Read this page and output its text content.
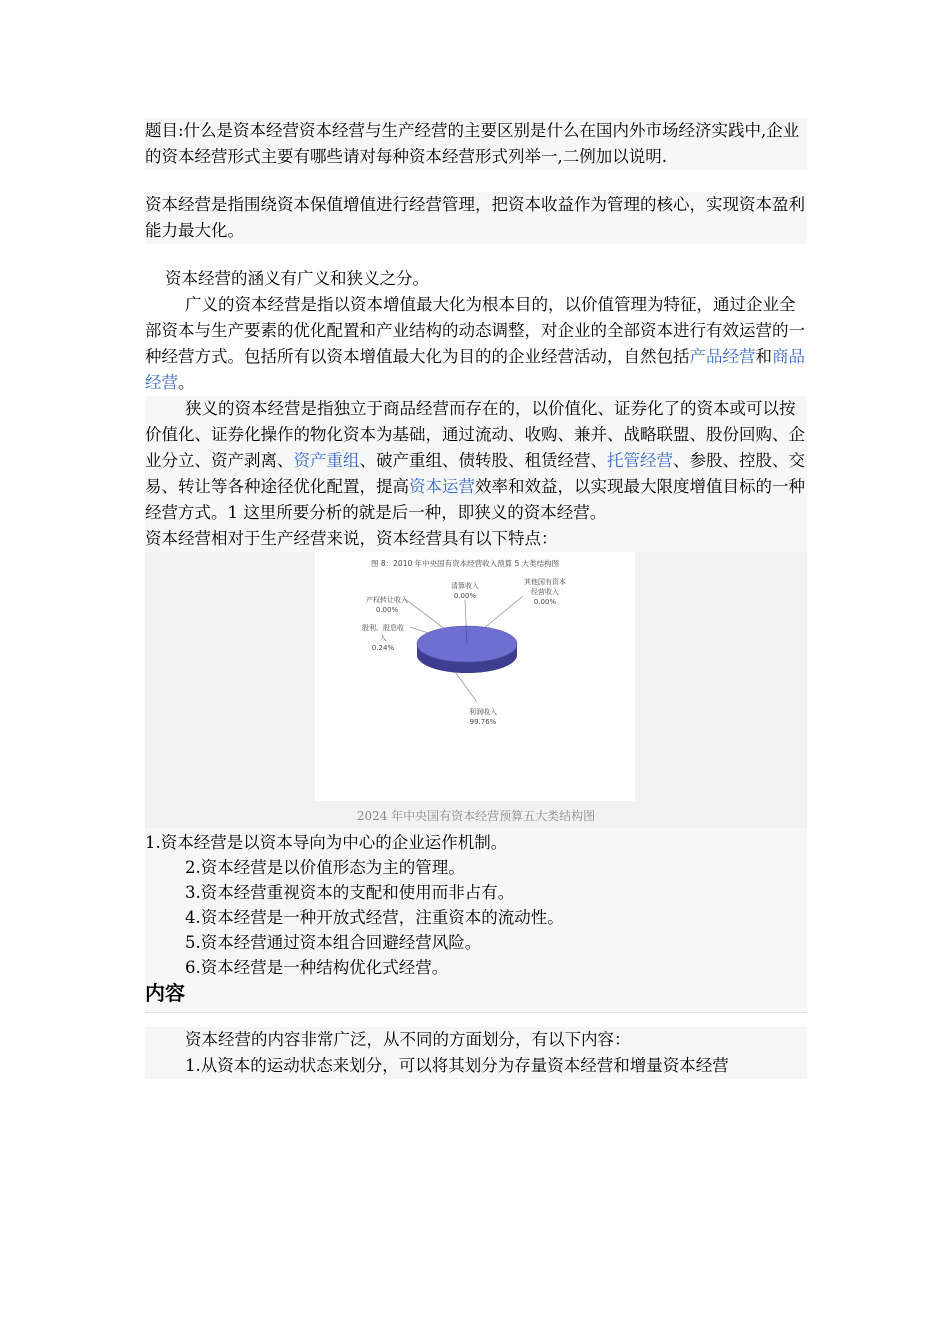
题目:什么是资本经营资本经营与生产经营的主要区别是什么在国内外市场经济实践中,企业的资本经营形式主要有哪些请对每种资本经营形式列举一,二例加以说明.
资本经营是指围绕资本保值增值进行经营管理，把资本收益作为管理的核心，实现资本盈利能力最大化。
资本经营的涵义有广义和狭义之分。
广义的资本经营是指以资本增值最大化为根本目的，以价值管理为特征，通过企业全部资本与生产要素的优化配置和产业结构的动态调整，对企业的全部资本进行有效运营的一种经营方式。包括所有以资本增值最大化为目的的企业经营活动，自然包括产品经营和商品经营。
狭义的资本经营是指独立于商品经营而存在的，以价值化、证券化了的资本或可以按价值化、证券化操作的物化资本为基础，通过流动、收购、兼并、战略联盟、股份回购、企业分立、资产剥离、资产重组、破产重组、债转股、租赁经营、托管经营、参股、控股、交易、转让等各种途径优化配置，提高资本运营效率和效益，以实现最大限度增值目标的一种经营方式。1 这里所要分析的就是后一种，即狭义的资本经营。
资本经营相对于生产经营来说，资本经营具有以下特点：
图 8：2010 年中央国有资本经营收入预算 5 大类结构图
清算收入
0.00%
其他国有资本
经营收入
0.00%
产权转让收入
0.00%
股利、股息收
入
0.24%
利润收入
99.76%
2024 年中央国有资本经营预算五大类结构图
1.资本经营是以资本导向为中心的企业运作机制。
2.资本经营是以价值形态为主的管理。
3.资本经营重视资本的支配和使用而非占有。
4.资本经营是一种开放式经营，注重资本的流动性。
5.资本经营通过资本组合回避经营风险。
6.资本经营是一种结构优化式经营。
内容
资本经营的内容非常广泛，从不同的方面划分，有以下内容：
1.从资本的运动状态来划分，可以将其划分为存量资本经营和增量资本经营
